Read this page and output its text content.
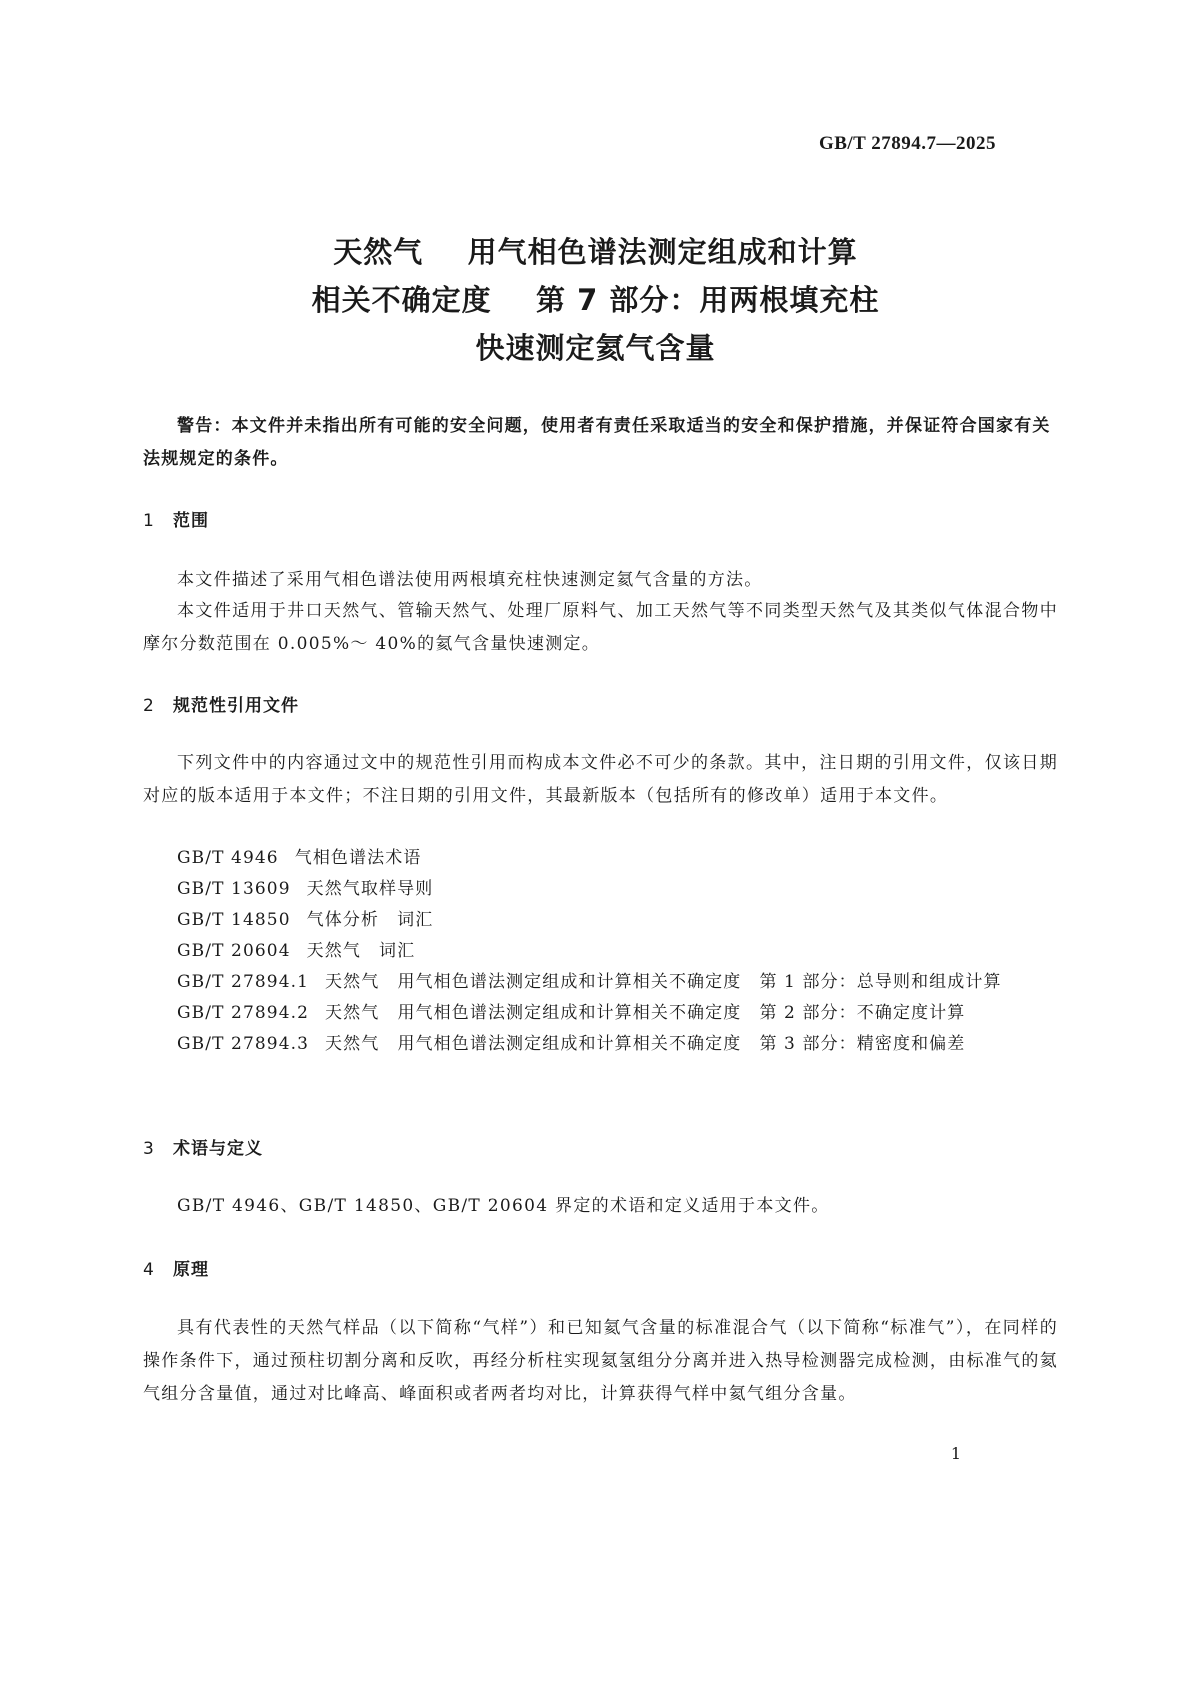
GB/T 27894.7—2025
天然气    用气相色谱法测定组成和计算
相关不确定度    第 7 部分：用两根填充柱
快速测定氦气含量
警告：本文件并未指出所有可能的安全问题，使用者有责任采取适当的安全和保护措施，并保证符合国家有关法规规定的条件。
1 范围
本文件描述了采用气相色谱法使用两根填充柱快速测定氦气含量的方法。
本文件适用于井口天然气、管输天然气、处理厂原料气、加工天然气等不同类型天然气及其类似气体混合物中摩尔分数范围在 0.005%～ 40%的氦气含量快速测定。
2 规范性引用文件
下列文件中的内容通过文中的规范性引用而构成本文件必不可少的条款。其中，注日期的引用文件，仅该日期对应的版本适用于本文件；不注日期的引用文件，其最新版本（包括所有的修改单）适用于本文件。
GB/T 4946 气相色谱法术语
GB/T 13609 天然气取样导则
GB/T 14850 气体分析　词汇
GB/T 20604 天然气　词汇
GB/T 27894.1 天然气　用气相色谱法测定组成和计算相关不确定度　第 1 部分：总导则和组成计算
GB/T 27894.2 天然气　用气相色谱法测定组成和计算相关不确定度　第 2 部分：不确定度计算
GB/T 27894.3 天然气　用气相色谱法测定组成和计算相关不确定度　第 3 部分：精密度和偏差
3 术语与定义
GB/T 4946、GB/T 14850、GB/T 20604 界定的术语和定义适用于本文件。
4 原理
具有代表性的天然气样品（以下简称“气样”）和已知氦气含量的标准混合气（以下简称“标准气”），在同样的操作条件下，通过预柱切割分离和反吹，再经分析柱实现氦氢组分分离并进入热导检测器完成检测，由标准气的氦气组分含量值，通过对比峰高、峰面积或者两者均对比，计算获得气样中氦气组分含量。
1
